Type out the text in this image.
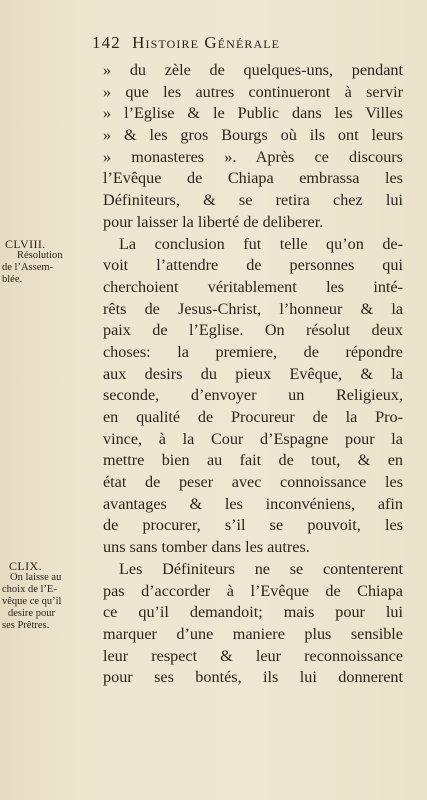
142 Histoire Générale
» du zèle de quelques-uns, pendant
» que les autres continueront à servir
» l’Eglise & le Public dans les Villes
» & les gros Bourgs où ils ont leurs
» monasteres ». Après ce discours
l’Evêque de Chiapa embrassa les
Définiteurs, & se retira chez lui
pour laisser la liberté de deliberer.
La conclusion fut telle qu’on de-
voit l’attendre de personnes qui
cherchoient véritablement les inté-
rêts de Jesus-Christ, l’honneur & la
paix de l’Eglise. On résolut deux
choses: la premiere, de répondre
aux desirs du pieux Evêque, & la
seconde, d’envoyer un Religieux,
en qualité de Procureur de la Pro-
vince, à la Cour d’Espagne pour la
mettre bien au fait de tout, & en
état de peser avec connoissance les
avantages & les inconvéniens, afin
de procurer, s’il se pouvoit, les
uns sans tomber dans les autres.
Les Définiteurs ne se contenterent
pas d’accorder à l’Evêque de Chiapa
ce qu’il demandoit; mais pour lui
marquer d’une maniere plus sensible
leur respect & leur reconnoissance
pour ses bontés, ils lui donnerent
CLVIII.
Résolution
de l’Assem-
blée.
CLIX.
On laisse au
choix de l’E-
vêque ce qu’il
desire pour
ses Prêtres.
